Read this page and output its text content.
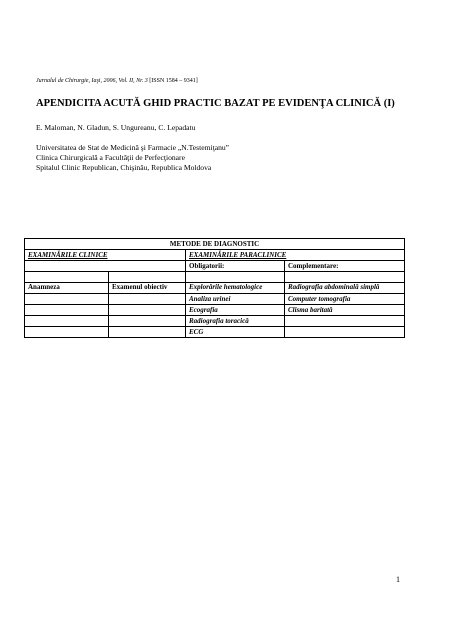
Jurnalul de Chirurgie, Iaşi, 2006, Vol. II, Nr. 3 [ISSN 1584 – 9341]
APENDICITA ACUTĂ GHID PRACTIC BAZAT PE EVIDENŢA CLINICĂ (I)
E. Maloman, N. Gladun, S. Ungureanu, C. Lepadatu
Universitatea de Stat de Medicină şi Farmacie „N.Testemiţanu”
Clinica Chirurgicală a Facultăţii de Perfecţionare
Spitalul Clinic Republican, Chişinău, Republica Moldova
METODE DE DIAGNOSTIC			
EXAMINĂRILE CLINICE		EXAMINĂRILE PARACLINICE	
		Obligatorii:	Complementare:

Anamneza	Examenul obiectiv	Explorările hematologice	Radiografia abdominală simplă
		Analiza urinei	Computer tomografia
		Ecografia	Clisma baritată
		Radiografia toracică	
		ECG	
1
